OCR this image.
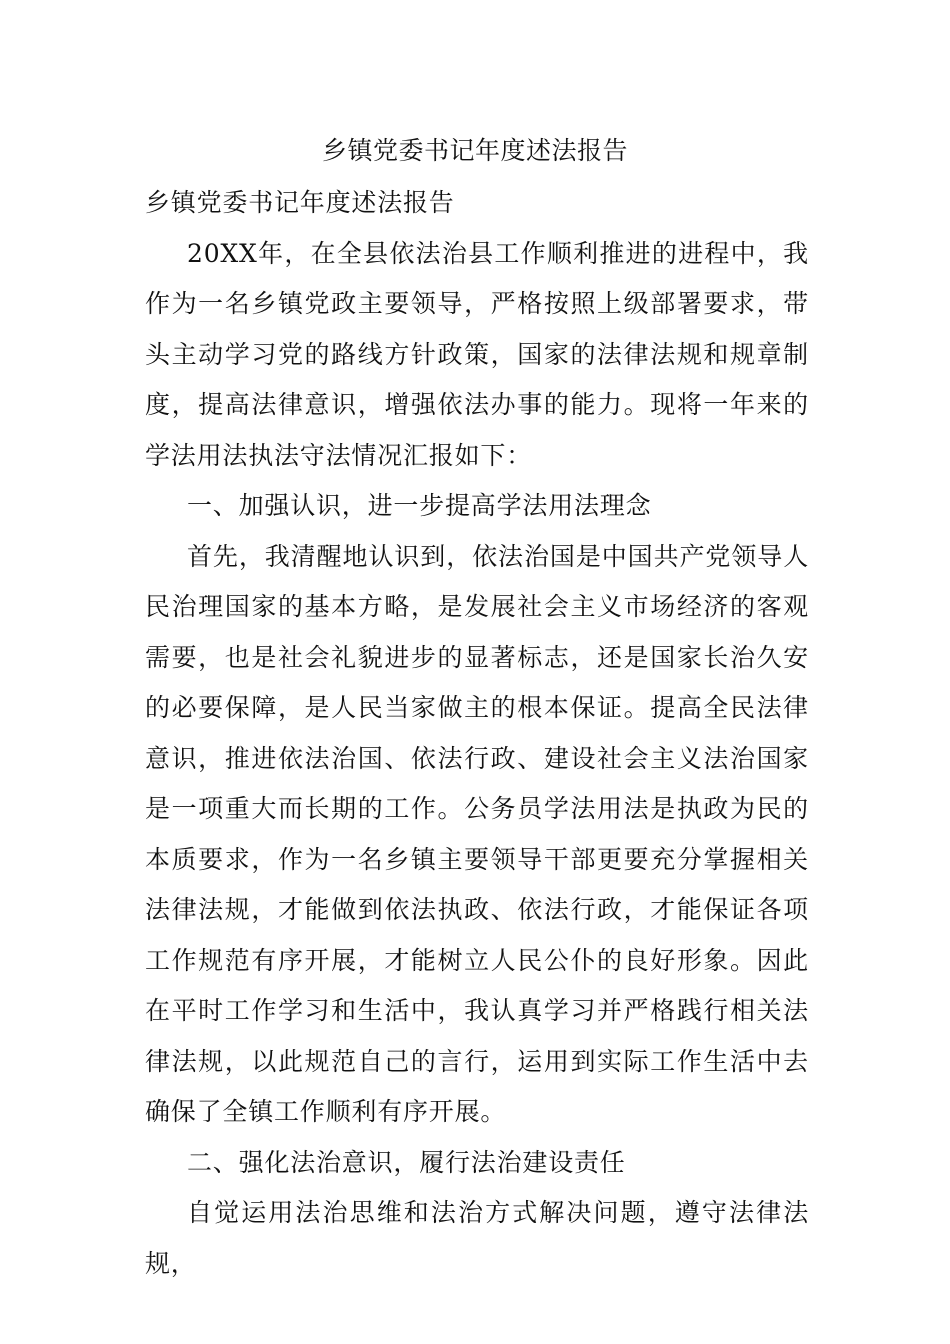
乡镇党委书记年度述法报告

乡镇党委书记年度述法报告

20XX年，在全县依法治县工作顺利推进的进程中，我作为一名乡镇党政主要领导，严格按照上级部署要求，带头主动学习党的路线方针政策，国家的法律法规和规章制度，提高法律意识，增强依法办事的能力。现将一年来的学法用法执法守法情况汇报如下：

一、加强认识，进一步提高学法用法理念

首先，我清醒地认识到，依法治国是中国共产党领导人民治理国家的基本方略，是发展社会主义市场经济的客观需要，也是社会礼貌进步的显著标志，还是国家长治久安的必要保障，是人民当家做主的根本保证。提高全民法律意识，推进依法治国、依法行政、建设社会主义法治国家是一项重大而长期的工作。公务员学法用法是执政为民的本质要求，作为一名乡镇主要领导干部更要充分掌握相关法律法规，才能做到依法执政、依法行政，才能保证各项工作规范有序开展，才能树立人民公仆的良好形象。因此在平时工作学习和生活中，我认真学习并严格践行相关法律法规，以此规范自己的言行，运用到实际工作生活中去确保了全镇工作顺利有序开展。

二、强化法治意识，履行法治建设责任

自觉运用法治思维和法治方式解决问题，遵守法律法规，
